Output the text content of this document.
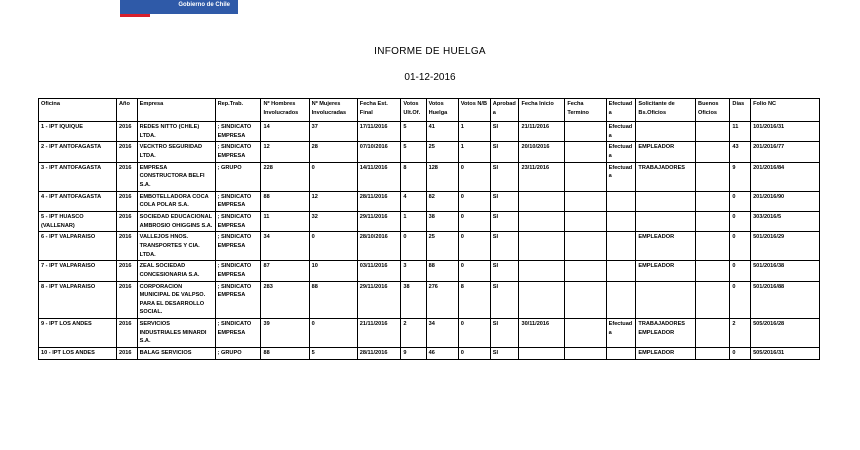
Gobierno de Chile
INFORME DE HUELGA
01-12-2016
Oficina	Año	Empresa	Rep.Trab.	Nº Hombres Involucrados	Nº Mujeres Involucradas	Fecha Est. Final	Votos Ult.Of.	Votos Huelga	Votos N/B	Aprobada	Fecha Inicio	Fecha Termino	Efectuada	Solicitante de Bs.Oficios	Buenos Oficios	Días	Folio NC
1 - IPT IQUIQUE	2016	REDES NITTO (CHILE) LTDA.	; SINDICATO EMPRESA	14	37	17/11/2016	5	41	1	SI	21/11/2016		Efectuada			11	101/2016/31
2 - IPT ANTOFAGASTA	2016	VECKTRO SEGURIDAD LTDA.	; SINDICATO EMPRESA	12	28	07/10/2016	5	25	1	SI	20/10/2016		Efectuada	EMPLEADOR		43	201/2016/77
3 - IPT ANTOFAGASTA	2016	EMPRESA CONSTRUCTORA BELFI S.A.	; GRUPO	228	0	14/11/2016	8	128	0	SI	23/11/2016		Efectuada	TRABAJADORES		9	201/2016/84
4 - IPT ANTOFAGASTA	2016	EMBOTELLADORA COCA COLA POLAR S.A.	; SINDICATO EMPRESA	88	12	28/11/2016	4	82	0	SI						0	201/2016/90
5 - IPT HUASCO (VALLENAR)	2016	SOCIEDAD EDUCACIONAL AMBROSIO OHIGGINS S.A.	; SINDICATO EMPRESA	11	32	29/11/2016	1	38	0	SI						0	303/2016/5
6 - IPT VALPARAISO	2016	VALLEJOS HNOS. TRANSPORTES Y CIA. LTDA.	; SINDICATO EMPRESA	34	0	28/10/2016	0	25	0	SI				EMPLEADOR		0	501/2016/29
7 - IPT VALPARAISO	2016	ZEAL SOCIEDAD CONCESIONARIA S.A.	; SINDICATO EMPRESA	87	10	03/11/2016	3	88	0	SI				EMPLEADOR		0	501/2016/38
8 - IPT VALPARAISO	2016	CORPORACION MUNICIPAL DE VALPSO. PARA EL DESARROLLO SOCIAL.	; SINDICATO EMPRESA	283	88	29/11/2016	38	276	8	SI						0	501/2016/88
9 - IPT LOS ANDES	2016	SERVICIOS INDUSTRIALES MINARDI S.A.	; SINDICATO EMPRESA	39	0	21/11/2016	2	34	0	SI	30/11/2016		Efectuada	TRABAJADORES EMPLEADOR		2	505/2016/28
10 - IPT LOS ANDES	2016	BALAG SERVICIOS	; GRUPO	88	5	28/11/2016	9	46	0	SI				EMPLEADOR		0	505/2016/31
